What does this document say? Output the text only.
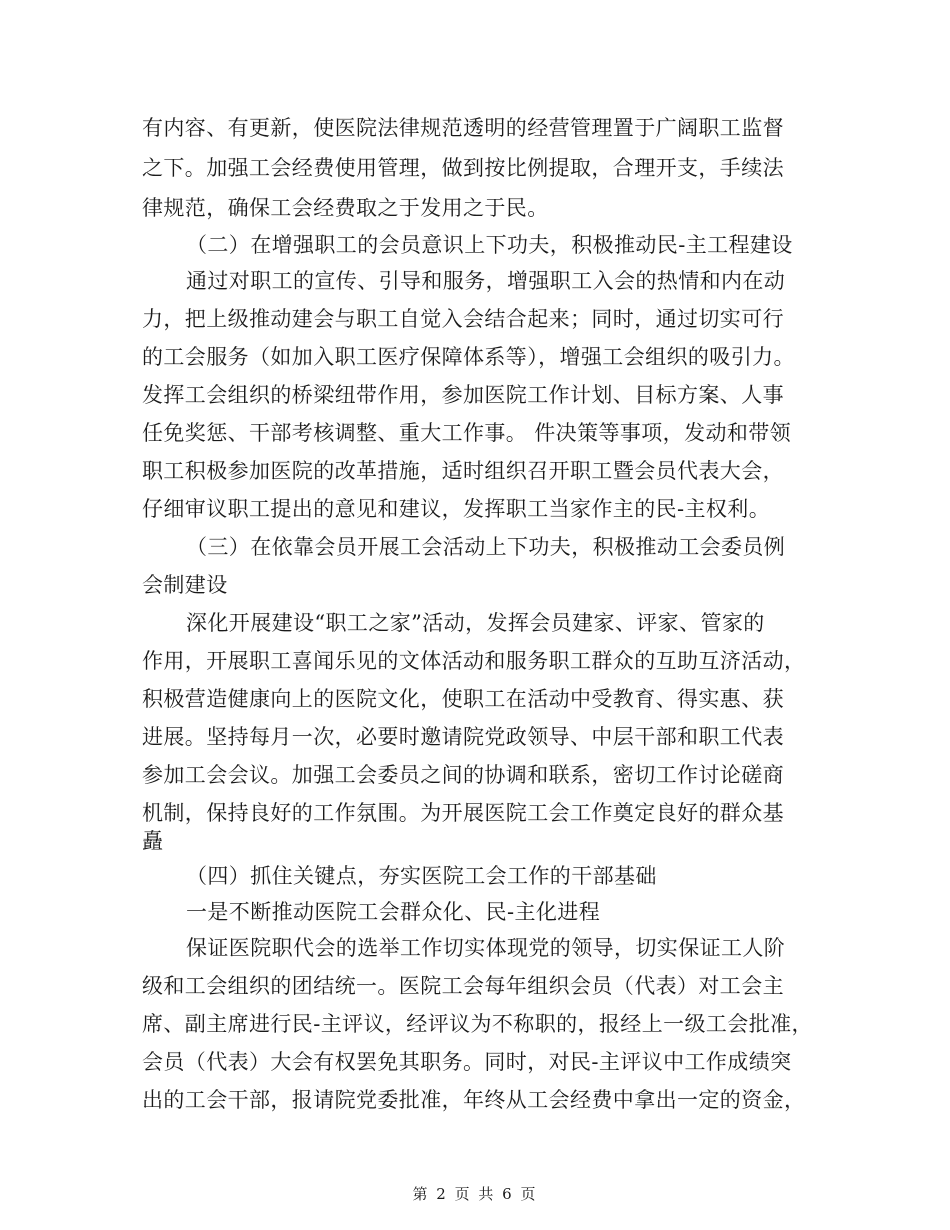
有内容、有更新，使医院法律规范透明的经营管理置于广阔职工监督
之下。加强工会经费使用管理，做到按比例提取，合理开支，手续法
律规范，确保工会经费取之于发用之于民。
（二）在增强职工的会员意识上下功夫，积极推动民-主工程建设
通过对职工的宣传、引导和服务，增强职工入会的热情和内在动
力，把上级推动建会与职工自觉入会结合起来；同时，通过切实可行
的工会服务（如加入职工医疗保障体系等），增强工会组织的吸引力。
发挥工会组织的桥梁纽带作用，参加医院工作计划、目标方案、人事
任免奖惩、干部考核调整、重大工作事。 件决策等事项，发动和带领
职工积极参加医院的改革措施，适时组织召开职工暨会员代表大会，
仔细审议职工提出的意见和建议，发挥职工当家作主的民-主权利。
（三）在依靠会员开展工会活动上下功夫，积极推动工会委员例
会制建设
深化开展建设“职工之家”活动，发挥会员建家、评家、管家的
作用，开展职工喜闻乐见的文体活动和服务职工群众的互助互济活动，
积极营造健康向上的医院文化，使职工在活动中受教育、得实惠、获
进展。坚持每月一次，必要时邀请院党政领导、中层干部和职工代表
参加工会会议。加强工会委员之间的协调和联系，密切工作讨论磋商
机制，保持良好的工作氛围。为开展医院工会工作奠定良好的群众基
矗
（四）抓住关键点，夯实医院工会工作的干部基础
一是不断推动医院工会群众化、民-主化进程
保证医院职代会的选举工作切实体现党的领导，切实保证工人阶
级和工会组织的团结统一。医院工会每年组织会员（代表）对工会主
席、副主席进行民-主评议，经评议为不称职的，报经上一级工会批准，
会员（代表）大会有权罢免其职务。同时，对民-主评议中工作成绩突
出的工会干部，报请院党委批准，年终从工会经费中拿出一定的资金，
第 2 页 共 6 页
